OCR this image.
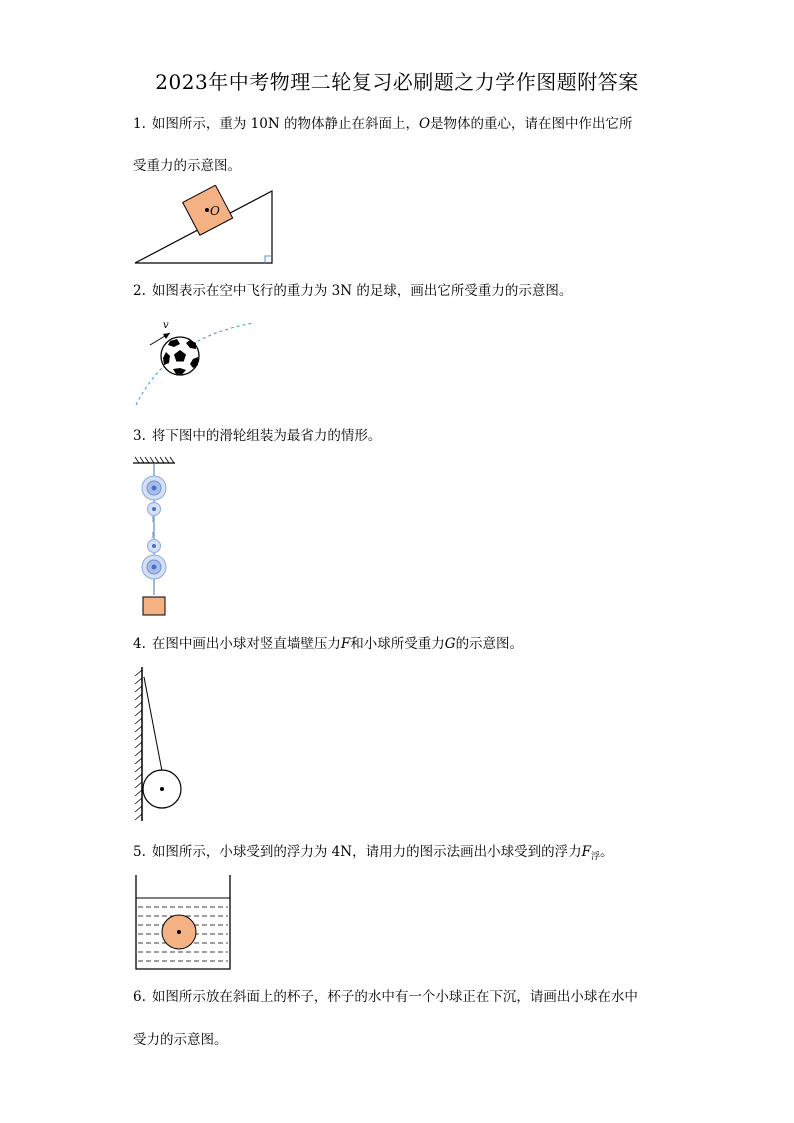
2023年中考物理二轮复习必刷题之力学作图题附答案
1. 如图所示，重为 10N 的物体静止在斜面上，O是物体的重心，请在图中作出它所
受重力的示意图。
O
2. 如图表示在空中飞行的重力为 3N 的足球，画出它所受重力的示意图。
v
3. 将下图中的滑轮组装为最省力的情形。
4. 在图中画出小球对竖直墙壁压力F和小球所受重力G的示意图。
5. 如图所示，小球受到的浮力为 4N，请用力的图示法画出小球受到的浮力$F_浮$。
6. 如图所示放在斜面上的杯子，杯子的水中有一个小球正在下沉，请画出小球在水中
受力的示意图。
